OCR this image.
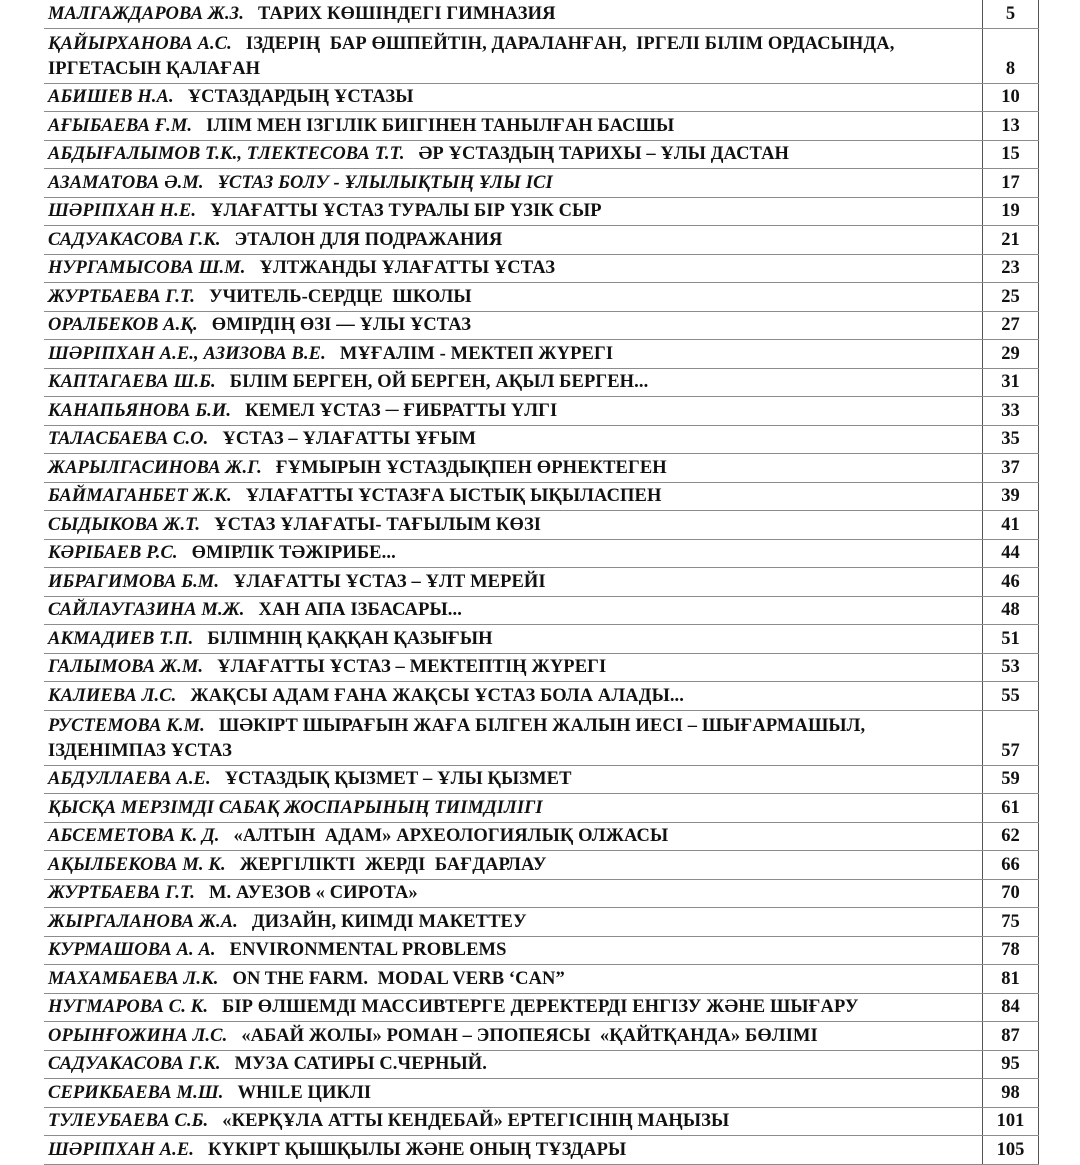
МАЛГАЖДАРОВА Ж.З. ТАРИХ КӨШІНДЕГІ ГИМНАЗИЯ	5
ҚАЙЫРХАНОВА А.С. ІЗДЕРІҢ  БАР ӨШПЕЙТІН, ДАРАЛАНҒАН,  ІРГЕЛІ БІЛІМ ОРДАСЫНДА, ІРГЕТАСЫН ҚАЛАҒАН	8
АБИШЕВ Н.А. ҰСТАЗДАРДЫҢ ҰСТАЗЫ	10
АҒЫБАЕВА Ғ.М. ІЛІМ МЕН ІЗГІЛІК БИІГІНЕН ТАНЫЛҒАН БАСШЫ	13
АБДЫҒАЛЫМОВ Т.К., ТЛЕКТЕСОВА Т.Т. ӘР ҰСТАЗДЫҢ ТАРИХЫ – ҰЛЫ ДАСТАН	15
АЗАМАТОВА Ә.М. ҰСТАЗ БОЛУ - ҰЛЫЛЫҚТЫҢ ҰЛЫ ІСІ	17
ШӘРІПХАН Н.Е. ҰЛАҒАТТЫ ҰСТАЗ ТУРАЛЫ БІР ҮЗІК СЫР	19
САДУАКАСОВА Г.К. ЭТАЛОН ДЛЯ ПОДРАЖАНИЯ	21
НУРГАМЫСОВА Ш.М. ҰЛТЖАНДЫ ҰЛАҒАТТЫ ҰСТАЗ	23
ЖУРТБАЕВА Г.Т. УЧИТЕЛЬ-СЕРДЦЕ  ШКОЛЫ	25
ОРАЛБЕКОВ А.Қ. ӨМІРДІҢ ӨЗІ — ҰЛЫ ҰСТАЗ	27
ШӘРІПХАН А.Е., АЗИЗОВА В.Е. МҰҒАЛІМ - МЕКТЕП ЖҮРЕГІ	29
КАПТАГАЕВА Ш.Б. БІЛІМ БЕРГЕН, ОЙ БЕРГЕН, АҚЫЛ БЕРГЕН...	31
КАНАПЬЯНОВА Б.И. КЕМЕЛ ҰСТАЗ ─ ҒИБРАТТЫ ҮЛГІ	33
ТАЛАСБАЕВА С.О. ҰСТАЗ – ҰЛАҒАТТЫ ҰҒЫМ	35
ЖАРЫЛГАСИНОВА Ж.Г. ҒҰМЫРЫН ҰСТАЗДЫҚПЕН ӨРНЕКТЕГЕН	37
БАЙМАГАНБЕТ Ж.К. ҰЛАҒАТТЫ ҰСТАЗҒА ЫСТЫҚ ЫҚЫЛАСПЕН	39
СЫДЫКОВА Ж.Т. ҰСТАЗ ҰЛАҒАТЫ- ТАҒЫЛЫМ КӨЗІ	41
КӘРІБАЕВ Р.С. ӨМІРЛІК ТӘЖІРИБЕ...	44
ИБРАГИМОВА Б.М. ҰЛАҒАТТЫ ҰСТАЗ – ҰЛТ МЕРЕЙІ	46
САЙЛАУГАЗИНА М.Ж. ХАН АПА ІЗБАСАРЫ...	48
АКМАДИЕВ Т.П. БІЛІМНІҢ ҚАҚҚАН ҚАЗЫҒЫН	51
ГАЛЫМОВА Ж.М. ҰЛАҒАТТЫ ҰСТАЗ – МЕКТЕПТІҢ ЖҮРЕГІ	53
КАЛИЕВА Л.С. ЖАҚСЫ АДАМ ҒАНА ЖАҚСЫ ҰСТАЗ БОЛА АЛАДЫ...	55
РУСТЕМОВА К.М. ШӘКІРТ ШЫРАҒЫН ЖАҒА БІЛГЕН ЖАЛЫН ИЕСІ – ШЫҒАРМАШЫЛ, ІЗДЕНІМПАЗ ҰСТАЗ	57
АБДУЛЛАЕВА А.Е. ҰСТАЗДЫҚ ҚЫЗМЕТ – ҰЛЫ ҚЫЗМЕТ	59
ҚЫСҚА МЕРЗІМДІ САБАҚ ЖОСПАРЫНЫҢ ТИІМДІЛІГІ	61
АБСЕМЕТОВА К. Д. «АЛТЫН  АДАМ» АРХЕОЛОГИЯЛЫҚ ОЛЖАСЫ	62
АҚЫЛБЕКОВА М. К. ЖЕРГІЛІКТІ  ЖЕРДІ  БАҒДАРЛАУ	66
ЖУРТБАЕВА Г.Т. М. АУЕЗОВ « СИРОТА»	70
ЖЫРГАЛАНОВА Ж.А. ДИЗАЙН, КИІМДІ МАКЕТТЕУ	75
КУРМАШОВА А. А. ENVIRONMENTAL PROBLEMS	78
МАХАМБАЕВА Л.К. ON THE FARM.  MODAL VERB ‘CAN”	81
НУГМАРОВА С. К. БІР ӨЛШЕМДІ МАССИВТЕРГЕ ДЕРЕКТЕРДІ ЕНГІЗУ ЖӘНЕ ШЫҒАРУ	84
ОРЫНҒОЖИНА Л.С. «АБАЙ ЖОЛЫ» РОМАН – ЭПОПЕЯСЫ  «ҚАЙТҚАНДА» БӨЛІМІ	87
САДУАКАСОВА Г.К. МУЗА САТИРЫ С.ЧЕРНЫЙ.	95
СЕРИКБАЕВА М.Ш. WHILE ЦИКЛІ	98
ТУЛЕУБАЕВА С.Б. «КЕРҚҰЛА АТТЫ КЕНДЕБАЙ» ЕРТЕГІСІНІҢ МАҢЫЗЫ	101
ШӘРІПХАН А.Е. КҮКІРТ ҚЫШҚЫЛЫ ЖӘНЕ ОНЫҢ ТҰЗДАРЫ	105
